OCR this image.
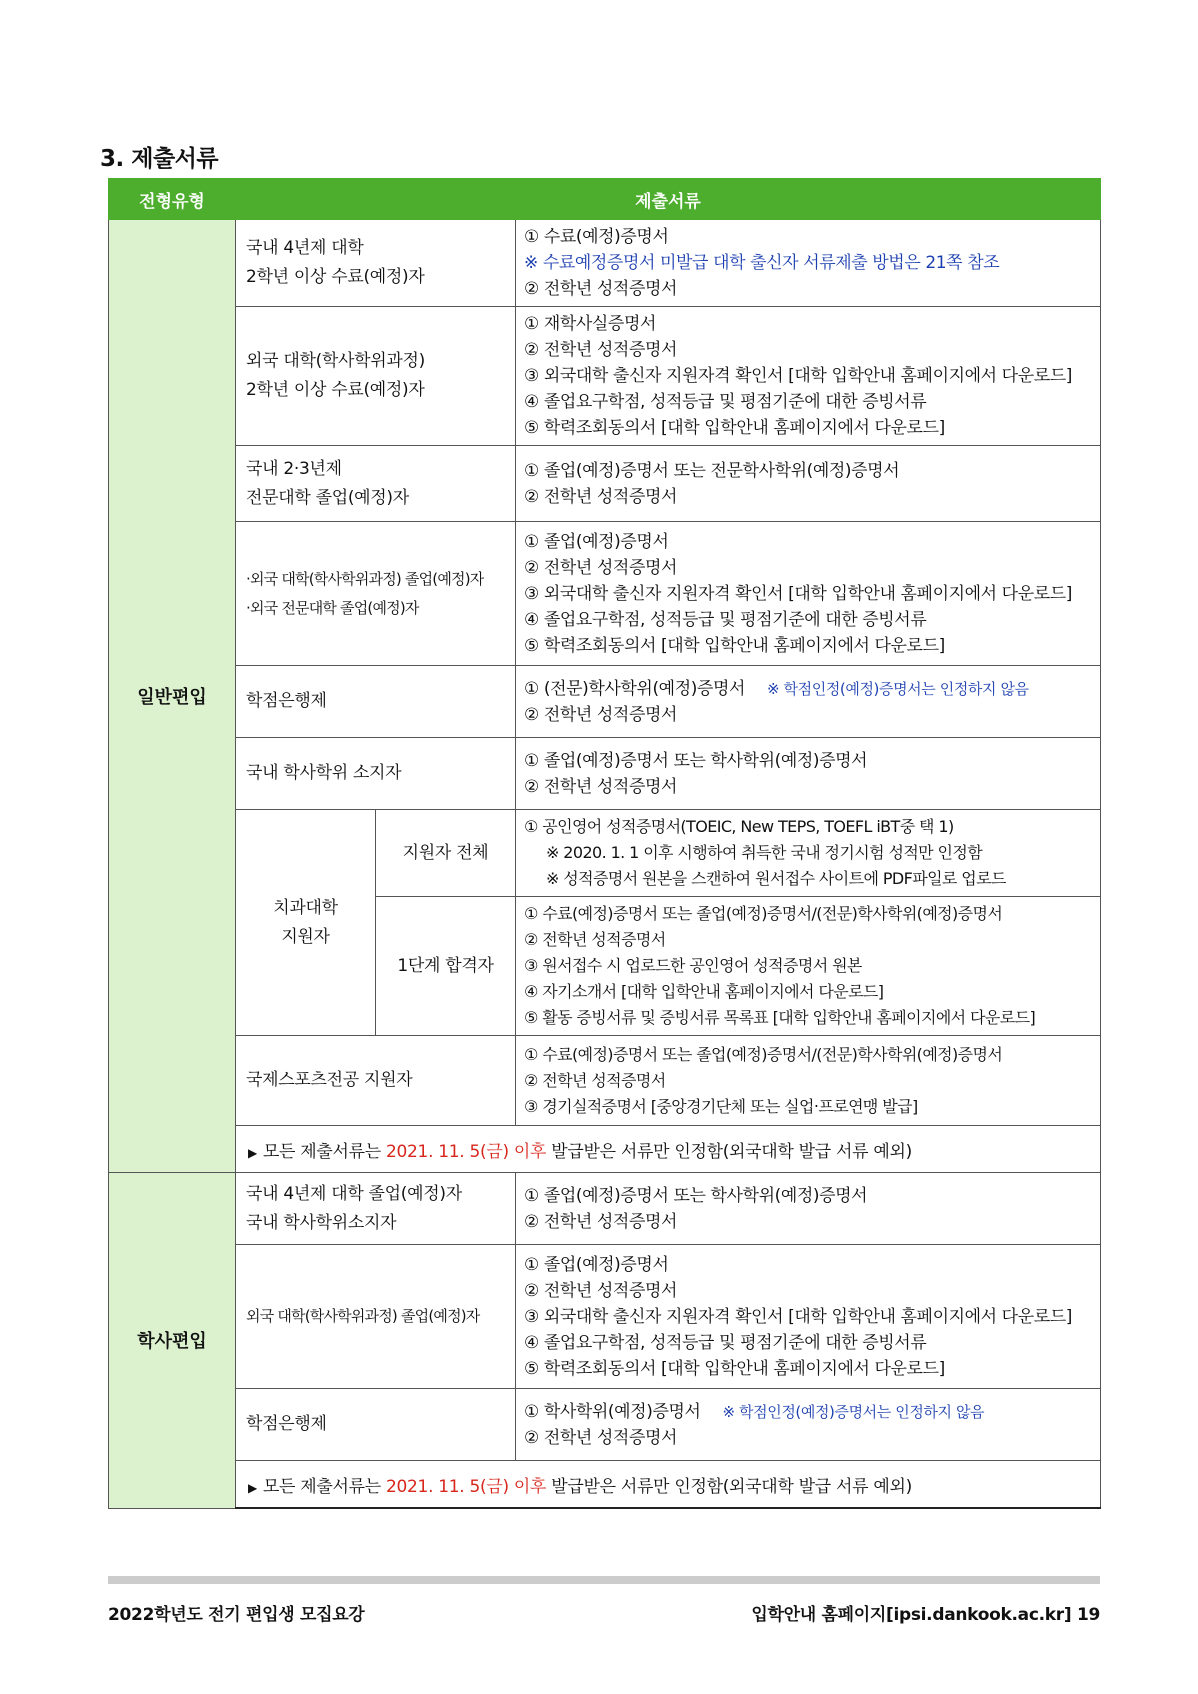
3. 제출서류
전형유형	제출서류		
일반편입	국내 4년제 대학
2학년 이상 수료(예정)자		① 수료(예정)증명서
※ 수료예정증명서 미발급 대학 출신자 서류제출 방법은 21쪽 참조
② 전학년 성적증명서

	외국 대학(학사학위과정)
2학년 이상 수료(예정)자		① 재학사실증명서
② 전학년 성적증명서
③ 외국대학 출신자 지원자격 확인서 [대학 입학안내 홈페이지에서 다운로드]
④ 졸업요구학점, 성적등급 및 평점기준에 대한 증빙서류
⑤ 학력조회동의서 [대학 입학안내 홈페이지에서 다운로드]

	국내 2‧3년제
전문대학 졸업(예정)자		① 졸업(예정)증명서 또는 전문학사학위(예정)증명서
② 전학년 성적증명서

	‧외국 대학(학사학위과정) 졸업(예정)자
‧외국 전문대학 졸업(예정)자		① 졸업(예정)증명서
② 전학년 성적증명서
③ 외국대학 출신자 지원자격 확인서 [대학 입학안내 홈페이지에서 다운로드]
④ 졸업요구학점, 성적등급 및 평점기준에 대한 증빙서류
⑤ 학력조회동의서 [대학 입학안내 홈페이지에서 다운로드]

	학점은행제		① (전문)학사학위(예정)증명서 ※ 학점인정(예정)증명서는 인정하지 않음
② 전학년 성적증명서

	국내 학사학위 소지자		① 졸업(예정)증명서 또는 학사학위(예정)증명서
② 전학년 성적증명서

	치과대학
지원자	지원자 전체	① 공인영어 성적증명서(TOEIC, New TEPS, TOEFL iBT중 택 1)
※ 2020. 1. 1 이후 시행하여 취득한 국내 정기시험 성적만 인정함
※ 성적증명서 원본을 스캔하여 원서접수 사이트에 PDF파일로 업로드

		1단계 합격자	① 수료(예정)증명서 또는 졸업(예정)증명서/(전문)학사학위(예정)증명서
② 전학년 성적증명서
③ 원서접수 시 업로드한 공인영어 성적증명서 원본
④ 자기소개서 [대학 입학안내 홈페이지에서 다운로드]
⑤ 활동 증빙서류 및 증빙서류 목록표 [대학 입학안내 홈페이지에서 다운로드]

	국제스포츠전공 지원자		① 수료(예정)증명서 또는 졸업(예정)증명서/(전문)학사학위(예정)증명서
② 전학년 성적증명서
③ 경기실적증명서 [중앙경기단체 또는 실업‧프로연맹 발급]

	▶ 모든 제출서류는 2021. 11. 5(금) 이후 발급받은 서류만 인정함(외국대학 발급 서류 예외)		
학사편입	국내 4년제 대학 졸업(예정)자
국내 학사학위소지자		① 졸업(예정)증명서 또는 학사학위(예정)증명서
② 전학년 성적증명서

	외국 대학(학사학위과정) 졸업(예정)자		① 졸업(예정)증명서
② 전학년 성적증명서
③ 외국대학 출신자 지원자격 확인서 [대학 입학안내 홈페이지에서 다운로드]
④ 졸업요구학점, 성적등급 및 평점기준에 대한 증빙서류
⑤ 학력조회동의서 [대학 입학안내 홈페이지에서 다운로드]

	학점은행제		① 학사학위(예정)증명서 ※ 학점인정(예정)증명서는 인정하지 않음
② 전학년 성적증명서

	▶ 모든 제출서류는 2021. 11. 5(금) 이후 발급받은 서류만 인정함(외국대학 발급 서류 예외)		
2022학년도 전기 편입생 모집요강	입학안내 홈페이지[ipsi.dankook.ac.kr] 19
